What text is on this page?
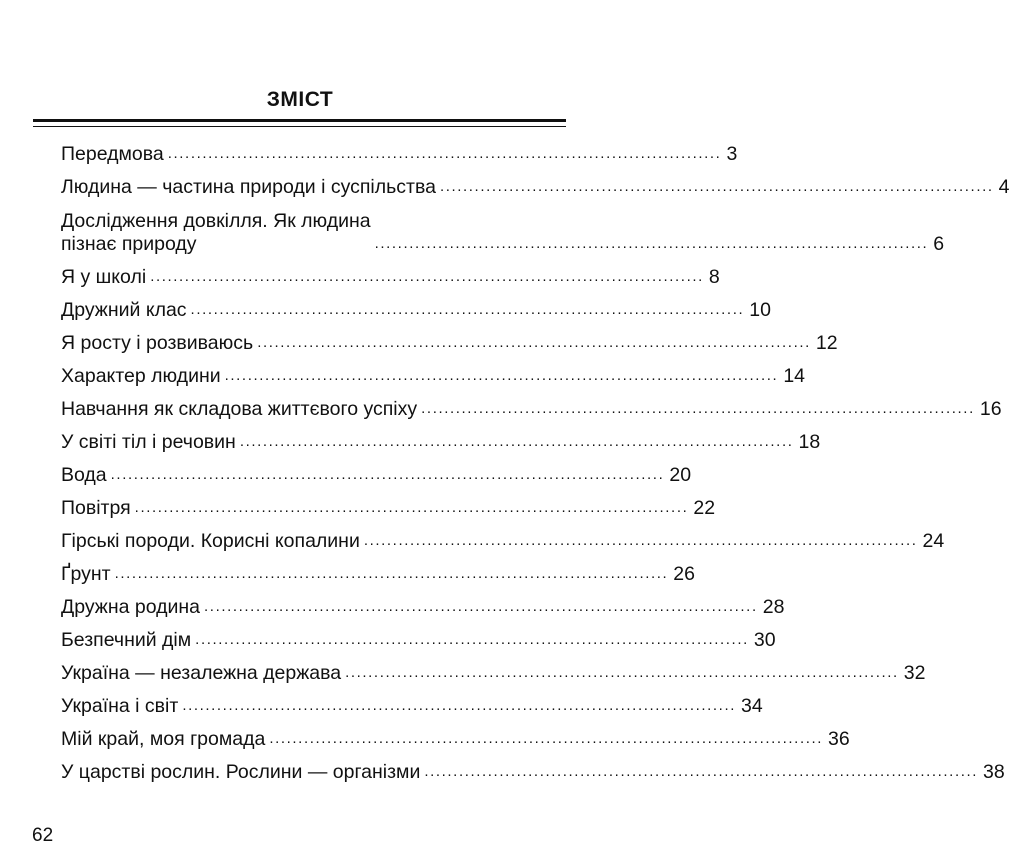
ЗМІСТ
Передмова ................................................................................................ 3
Людина — частина природи і суспільства ................................................................................................ 4
Дослідження довкілля. Як людина
пізнає природу	................................................................................................ 6
Я у школі ................................................................................................ 8
Дружний клас ................................................................................................ 10
Я росту і розвиваюсь ................................................................................................ 12
Характер людини ................................................................................................ 14
Навчання як складова життєвого успіху ................................................................................................ 16
У світі тіл і речовин ................................................................................................ 18
Вода ................................................................................................ 20
Повітря ................................................................................................ 22
Гірські породи. Корисні копалини ................................................................................................ 24
Ґрунт ................................................................................................ 26
Дружна родина ................................................................................................ 28
Безпечний дім ................................................................................................ 30
Україна — незалежна держава ................................................................................................ 32
Україна і світ ................................................................................................ 34
Мій край, моя громада ................................................................................................ 36
У царстві рослин. Рослини — організми ................................................................................................ 38
62
